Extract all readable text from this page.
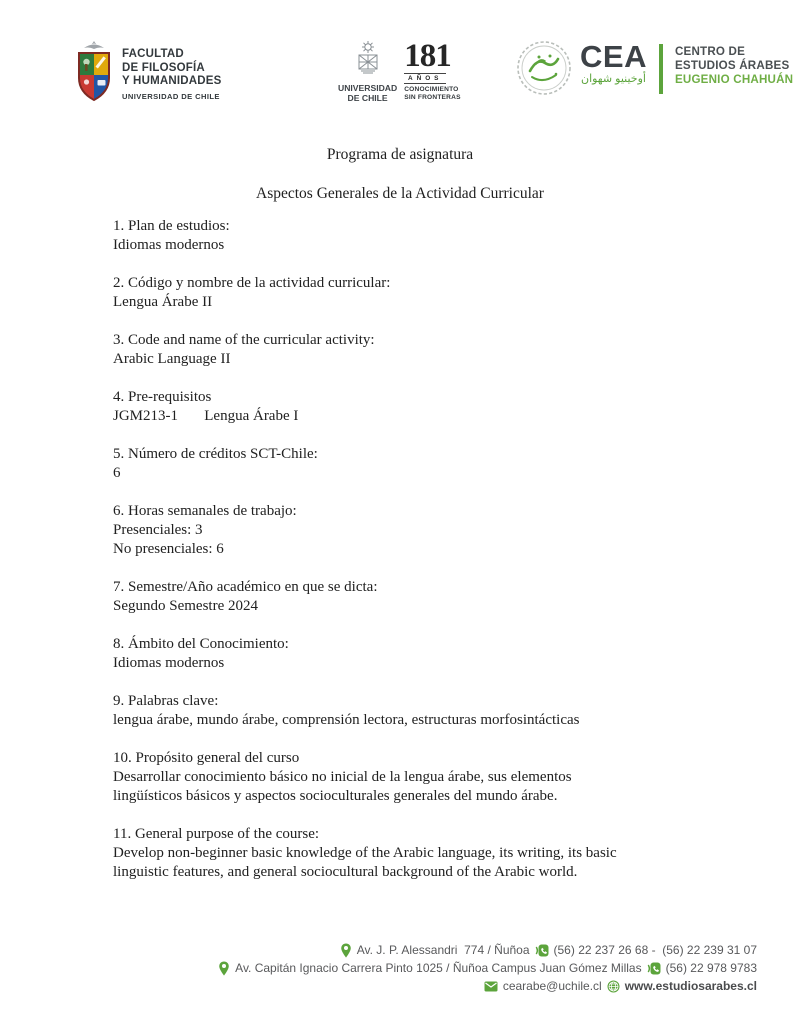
FACULTAD
DE FILOSOFÍA
Y HUMANIDADES
UNIVERSIDAD DE CHILE
UNIVERSIDAD
DE CHILE
181
AÑOS
CONOCIMIENTO
SIN FRONTERAS
CEA
أوخينيو شهوان
CENTRO DE
ESTUDIOS ÁRABES
EUGENIO CHAHUÁN
Programa de asignatura
Aspectos Generales de la Actividad Curricular
1. Plan de estudios:
Idiomas modernos
2. Código y nombre de la actividad curricular:
Lengua Árabe II
3. Code and name of the curricular activity:
Arabic Language II
4. Pre-requisitos
JGM213-1       Lengua Árabe I
5. Número de créditos SCT-Chile:
6
6. Horas semanales de trabajo:
Presenciales: 3
No presenciales: 6
7. Semestre/Año académico en que se dicta:
Segundo Semestre 2024
8. Ámbito del Conocimiento:
Idiomas modernos
9. Palabras clave:
lengua árabe, mundo árabe, comprensión lectora, estructuras morfosintácticas
10. Propósito general del curso
Desarrollar conocimiento básico no inicial de la lengua árabe, sus elementos
lingüísticos básicos y aspectos socioculturales generales del mundo árabe.
11. General purpose of the course:
Develop non-beginner basic knowledge of the Arabic language, its writing, its basic
linguistic features, and general sociocultural background of the Arabic world.
Av. J. P. Alessandri  774 / Ñuñoa (56) 22 237 26 68 -  (56) 22 239 31 07
Av. Capitán Ignacio Carrera Pinto 1025 / Ñuñoa Campus Juan Gómez Millas (56) 22 978 9783
cearabe@uchile.cl www.estudiosarabes.cl
